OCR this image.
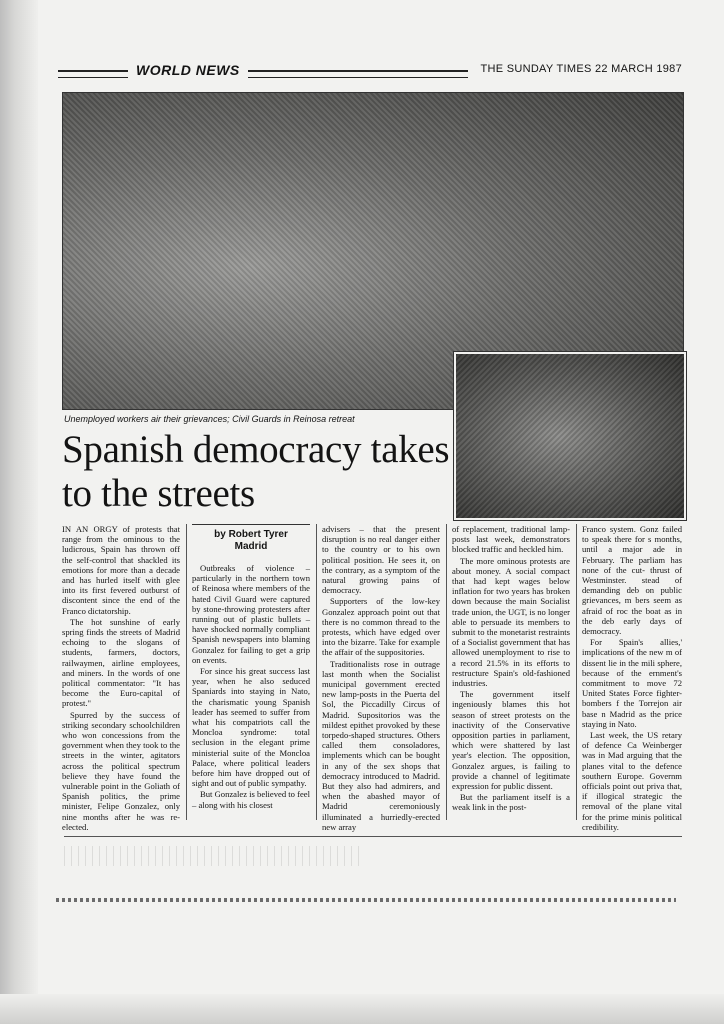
WORLD NEWS	THE SUNDAY TIMES 22 MARCH 1987
Unemployed workers air their grievances; Civil Guards in Reinosa retreat
Spanish democracy takes to the streets

IN AN ORGY of protests that range from the ominous to the ludicrous, Spain has thrown off the self-control that shackled its emotions for more than a decade and has hurled itself with glee into its first fevered outburst of discontent since the end of the Franco dictatorship.

The hot sunshine of early spring finds the streets of Madrid echoing to the slogans of students, farmers, doctors, railwaymen, airline employees, and miners. In the words of one political commentator: "It has become the Euro-capital of protest."

Spurred by the success of striking secondary schoolchildren who won concessions from the government when they took to the streets in the winter, agitators across the political spectrum believe they have found the vulnerable point in the Goliath of Spanish politics, the prime minister, Felipe Gonzalez, only nine months after he was re-elected.

by Robert Tyrer
Madrid

Outbreaks of violence – particularly in the northern town of Reinosa where members of the hated Civil Guard were captured by stone-throwing protesters after running out of plastic bullets – have shocked normally compliant Spanish newspapers into blaming Gonzalez for failing to get a grip on events.

For since his great success last year, when he also seduced Spaniards into staying in Nato, the charismatic young Spanish leader has seemed to suffer from what his compatriots call the Moncloa syndrome: total seclusion in the elegant prime ministerial suite of the Moncloa Palace, where political leaders before him have dropped out of sight and out of public sympathy.

But Gonzalez is believed to feel – along with his closest

advisers – that the present disruption is no real danger either to the country or to his own political position. He sees it, on the contrary, as a symptom of the natural growing pains of democracy.

Supporters of the low-key Gonzalez approach point out that there is no common thread to the protests, which have edged over into the bizarre. Take for example the affair of the suppositories.

Traditionalists rose in outrage last month when the Socialist municipal government erected new lamp-posts in the Puerta del Sol, the Piccadilly Circus of Madrid. Supositorios was the mildest epithet provoked by these torpedo-shaped structures. Others called them consoladores, implements which can be bought in any of the sex shops that democracy introduced to Madrid. But they also had admirers, and when the abashed mayor of Madrid ceremoniously illuminated a hurriedly-erected new array

of replacement, traditional lamp-posts last week, demonstrators blocked traffic and heckled him.

The more ominous protests are about money. A social compact that had kept wages below inflation for two years has broken down because the main Socialist trade union, the UGT, is no longer able to persuade its members to submit to the monetarist restraints of a Socialist government that has allowed unemployment to rise to a record 21.5% in its efforts to restructure Spain's old-fashioned industries.

The government itself ingeniously blames this hot season of street protests on the inactivity of the Conservative opposition parties in parliament, which were shattered by last year's election. The opposition, Gonzalez argues, is failing to provide a channel of legitimate expression for public dissent.

But the parliament itself is a weak link in the post-

Franco system. Gonz failed to speak there for s months, until a major ade in February. The parliam has none of the cut- thrust of Westminster. stead of demanding deb on public grievances, m bers seem as afraid of roc the boat as in the deb early days of democracy.

For Spain's allies,' implications of the new m of dissent lie in the mili sphere, because of the ernment's commitment to move 72 United States Force fighter-bombers f the Torrejon air base n Madrid as the price staying in Nato.

Last week, the US retary of defence Ca Weinberger was in Mad arguing that the planes vital to the defence southern Europe. Governm officials point out priva that, if illogical strategic the removal of the plane vital for the prime minis political credibility.
